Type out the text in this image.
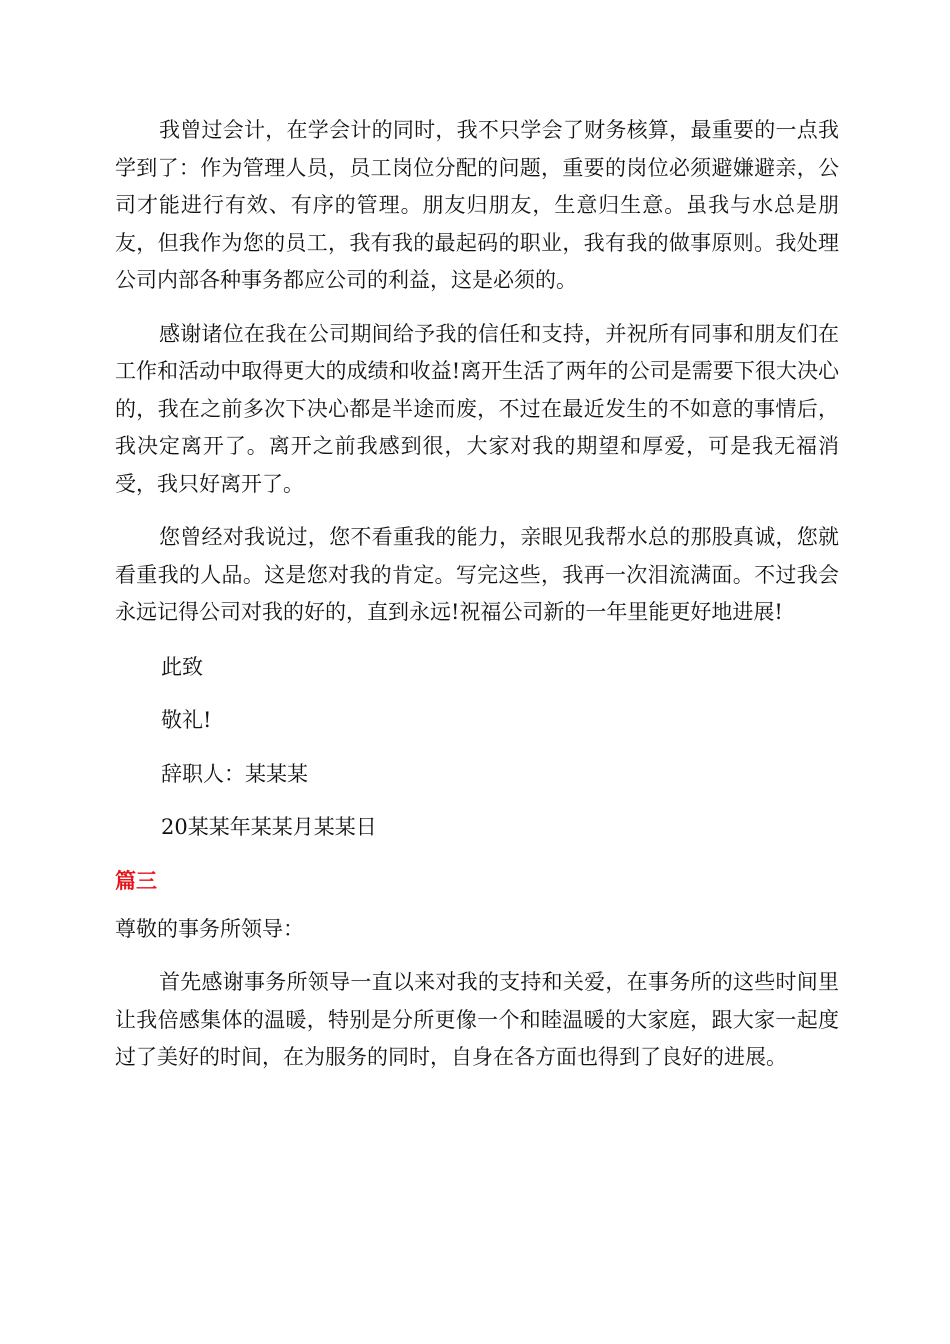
我曾过会计，在学会计的同时，我不只学会了财务核算，最重要的一点我学到了：作为管理人员，员工岗位分配的问题，重要的岗位必须避嫌避亲，公司才能进行有效、有序的管理。朋友归朋友，生意归生意。虽我与水总是朋友，但我作为您的员工，我有我的最起码的职业，我有我的做事原则。我处理公司内部各种事务都应公司的利益，这是必须的。

感谢诸位在我在公司期间给予我的信任和支持，并祝所有同事和朋友们在工作和活动中取得更大的成绩和收益!离开生活了两年的公司是需要下很大决心的，我在之前多次下决心都是半途而废，不过在最近发生的不如意的事情后，我决定离开了。离开之前我感到很，大家对我的期望和厚爱，可是我无福消受，我只好离开了。

您曾经对我说过，您不看重我的能力，亲眼见我帮水总的那股真诚，您就看重我的人品。这是您对我的肯定。写完这些，我再一次泪流满面。不过我会永远记得公司对我的好的，直到永远!祝福公司新的一年里能更好地进展!

此致

敬礼!

辞职人：某某某

20某某年某某月某某日

篇三

尊敬的事务所领导：

首先感谢事务所领导一直以来对我的支持和关爱，在事务所的这些时间里让我倍感集体的温暖，特别是分所更像一个和睦温暖的大家庭，跟大家一起度过了美好的时间，在为服务的同时，自身在各方面也得到了良好的进展。
